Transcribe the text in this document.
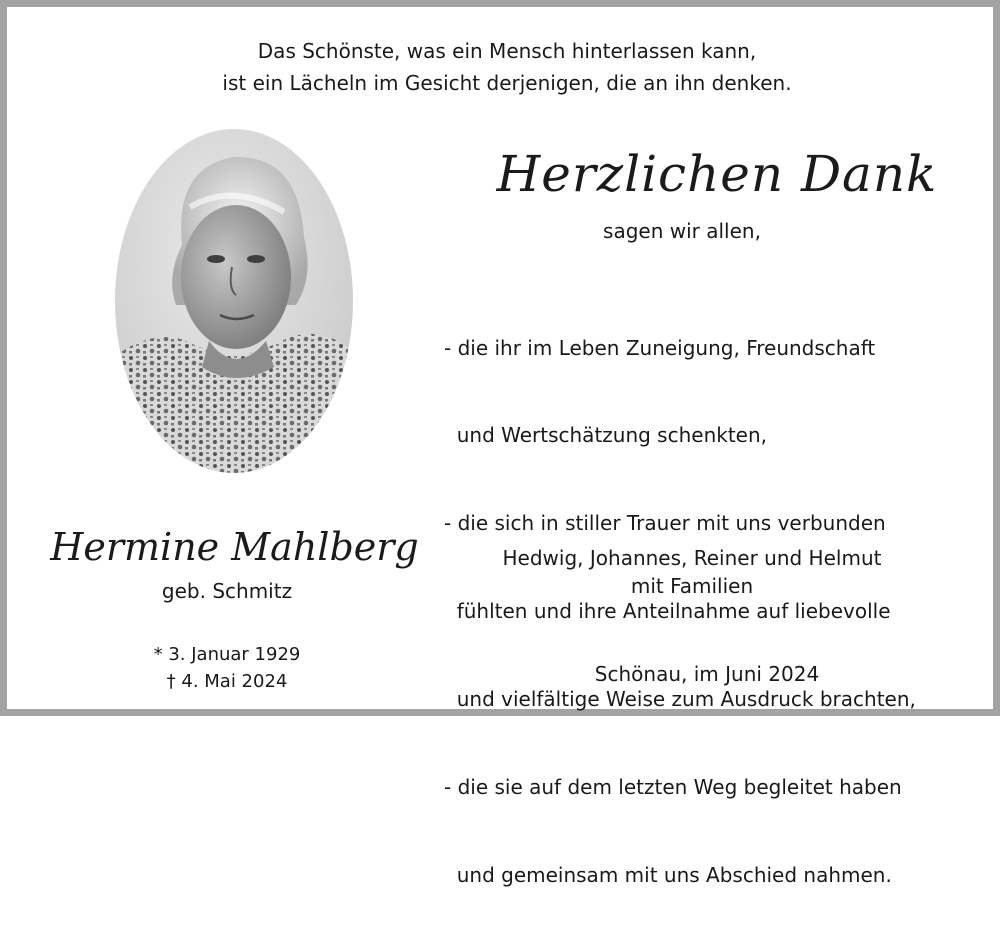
Das Schönste, was ein Mensch hinterlassen kann,
ist ein Lächeln im Gesicht derjenigen, die an ihn denken.
Herzlichen Dank
sagen wir allen,

- die ihr im Leben Zuneigung, Freundschaft

und Wertschätzung schenkten,

- die sich in stiller Trauer mit uns verbunden

fühlten und ihre Anteilnahme auf liebevolle

und vielfältige Weise zum Ausdruck brachten,

- die sie auf dem letzten Weg begleitet haben

und gemeinsam mit uns Abschied nahmen.

Hermine Mahlberg
geb. Schmitz
* 3. Januar 1929
† 4. Mai 2024
Hedwig, Johannes, Reiner und Helmut
mit Familien
Schönau, im Juni 2024
